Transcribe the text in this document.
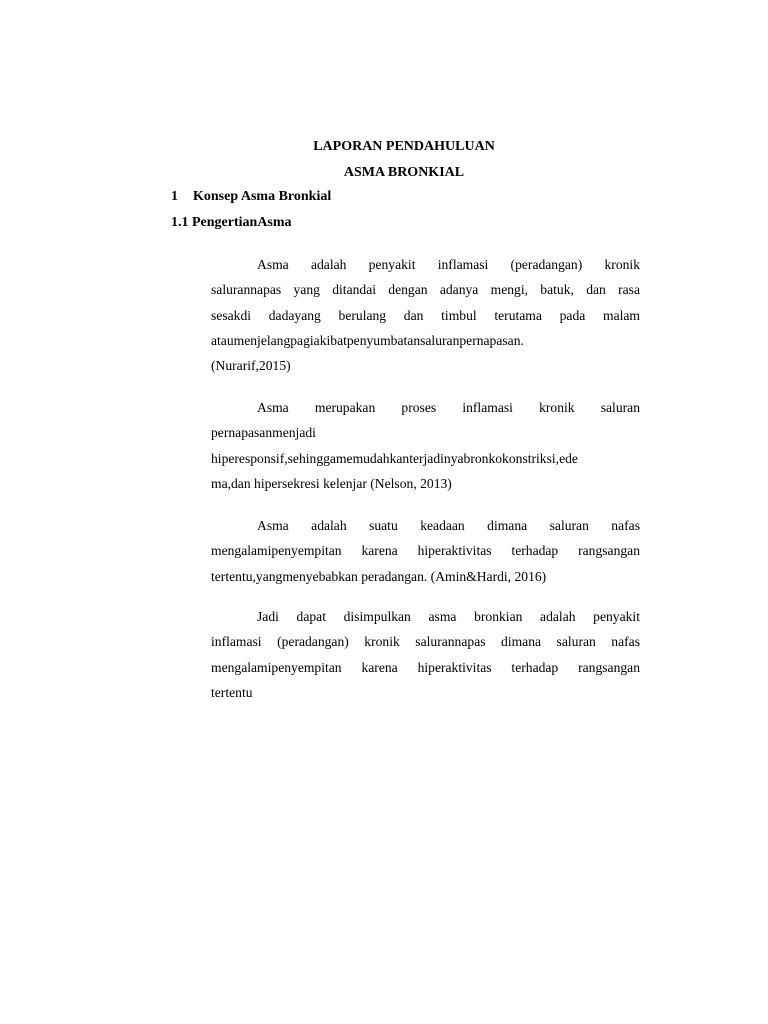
LAPORAN PENDAHULUAN
ASMA BRONKIAL
1 Konsep Asma Bronkial
1.1 PengertianAsma
Asma adalah penyakit inflamasi (peradangan) kronik
salurannapas yang ditandai dengan adanya mengi, batuk, dan rasa
sesakdi dadayang berulang dan timbul terutama pada malam
ataumenjelangpagiakibatpenyumbatansaluranpernapasan.
(Nurarif,2015)
Asma merupakan proses inflamasi kronik saluran
pernapasanmenjadi
hiperesponsif,sehinggamemudahkanterjadinyabronkokonstriksi,ede
ma,dan hipersekresi kelenjar (Nelson, 2013)
Asma adalah suatu keadaan dimana saluran nafas
mengalamipenyempitan karena hiperaktivitas terhadap rangsangan
tertentu,yangmenyebabkan peradangan. (Amin&Hardi, 2016)
Jadi dapat disimpulkan asma bronkian adalah penyakit
inflamasi (peradangan) kronik salurannapas dimana saluran nafas
mengalamipenyempitan karena hiperaktivitas terhadap rangsangan
tertentu
